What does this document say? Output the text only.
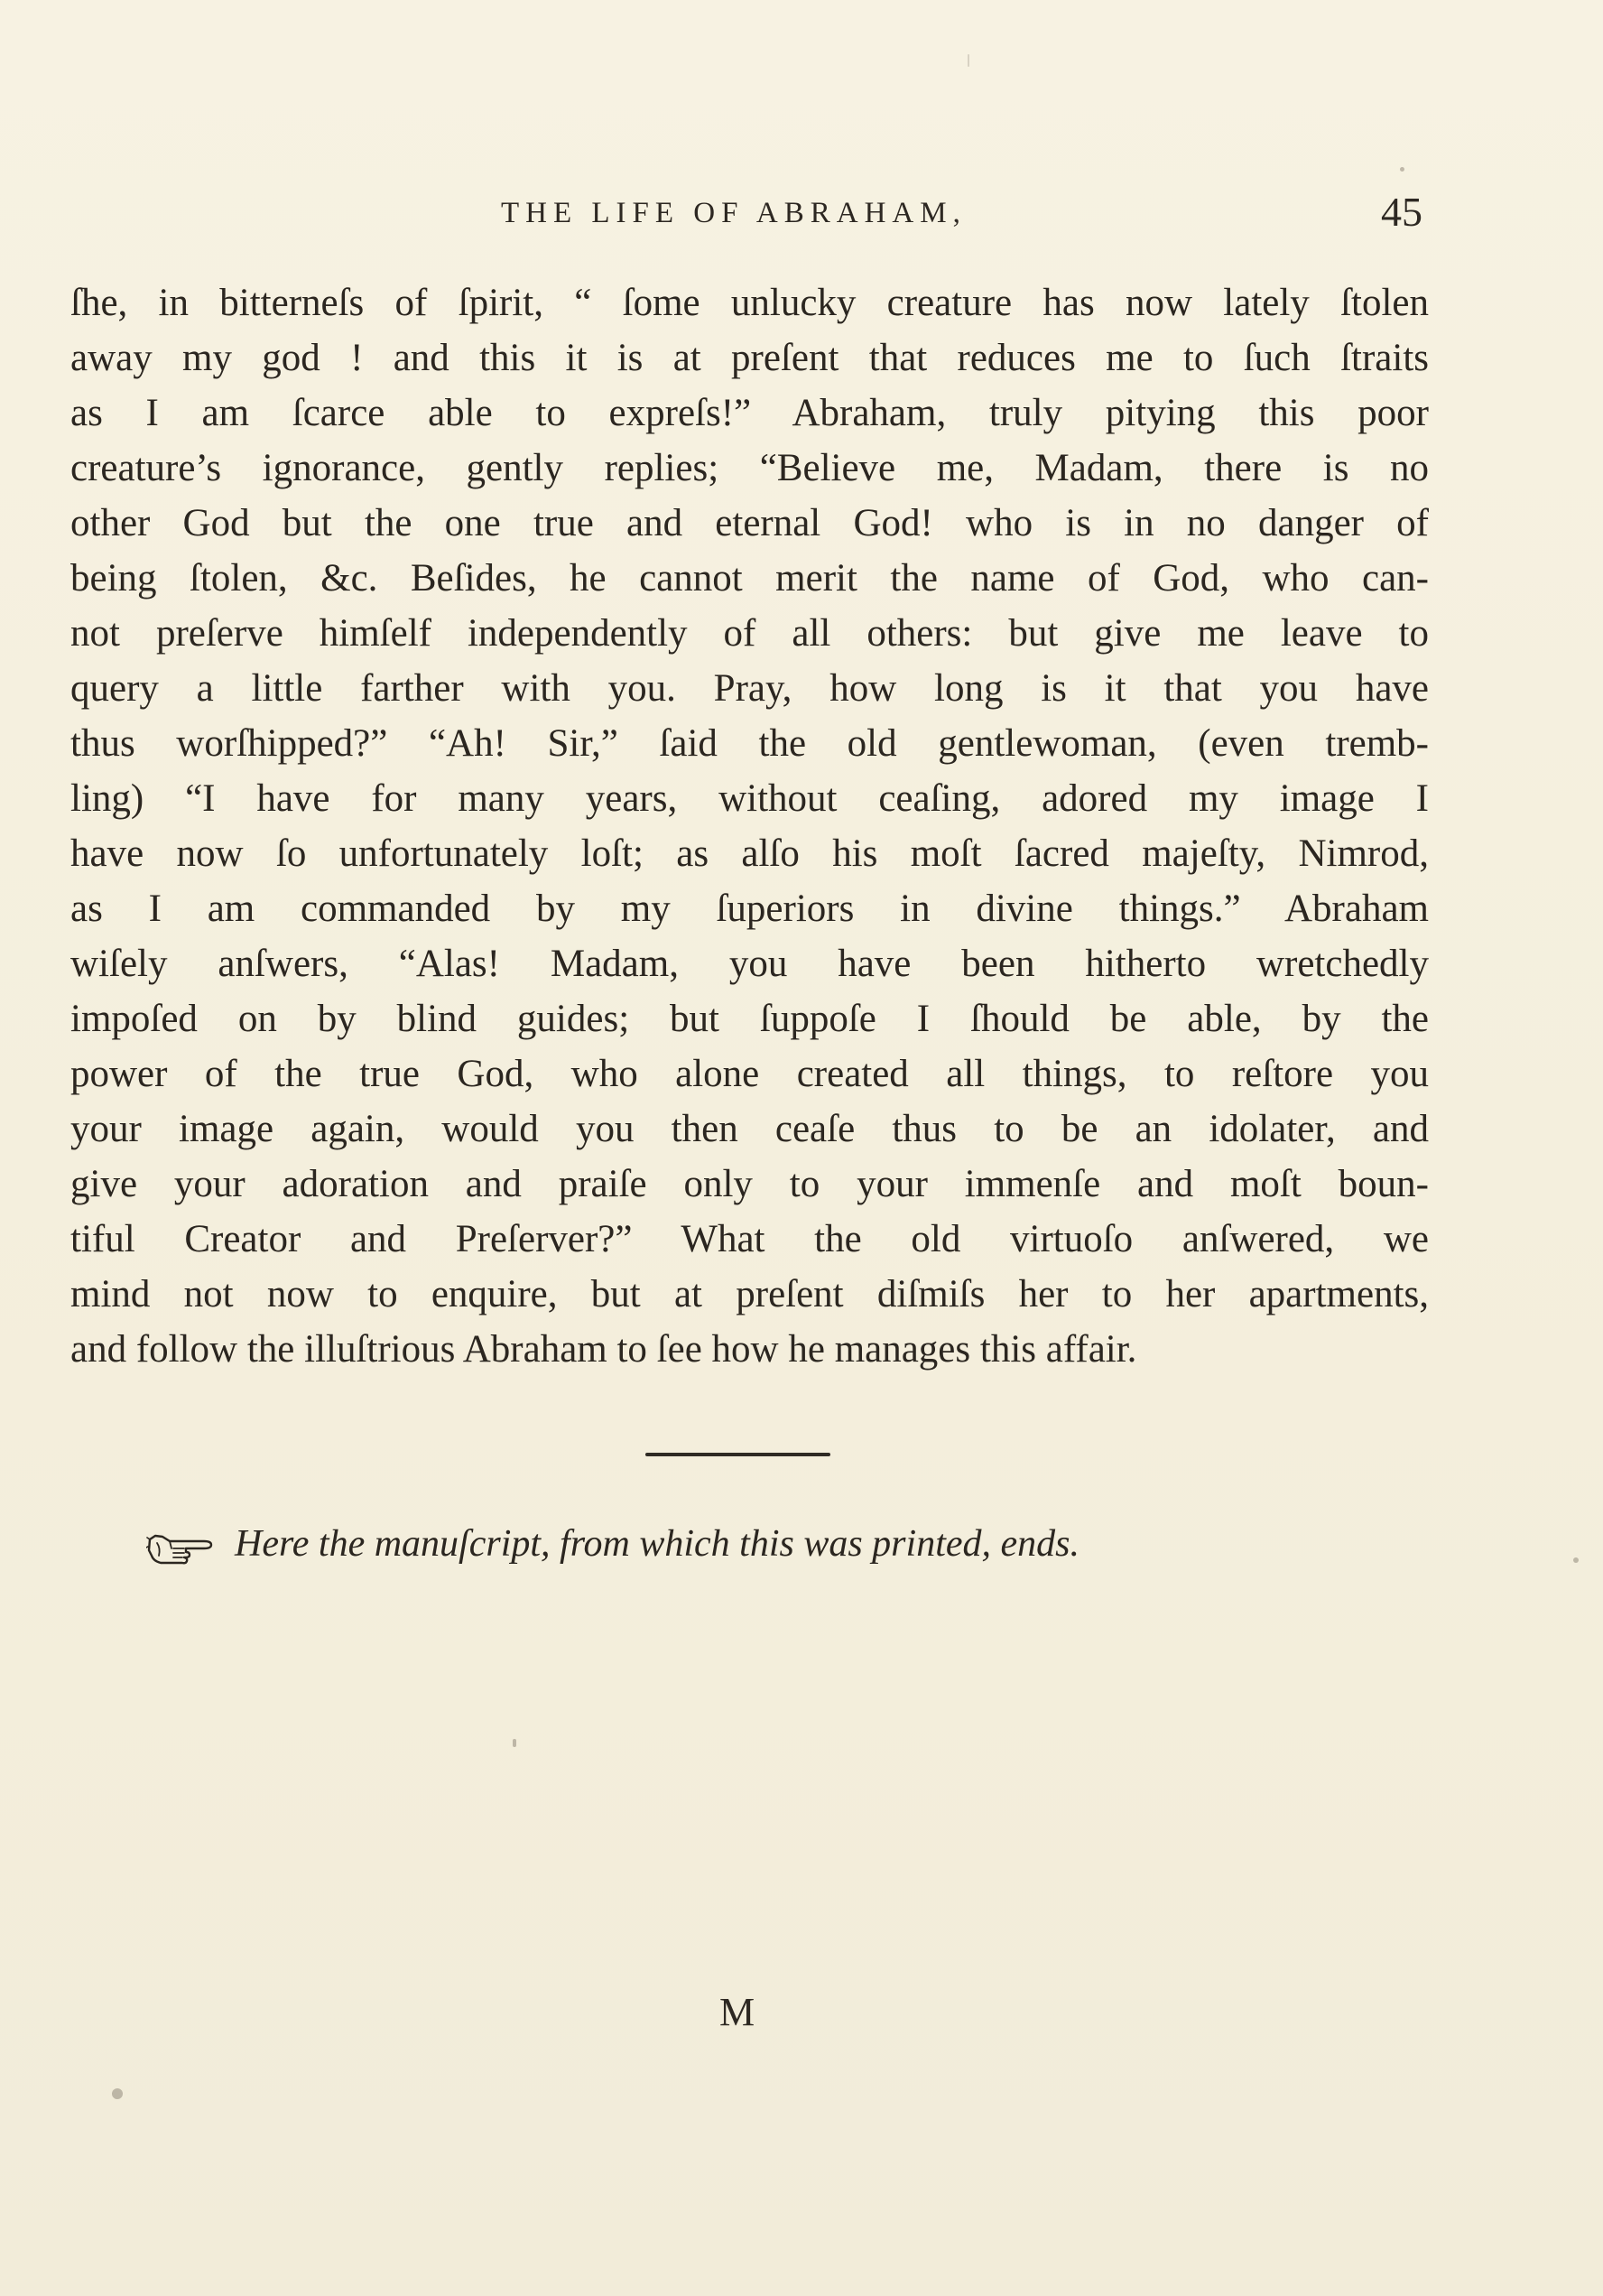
THE LIFE OF ABRAHAM,	45
ſhe, in bitterneſs of ſpirit, “ ſome unlucky creature has now lately ſtolen
away my god ! and this it is at preſent that reduces me to ſuch ſtraits
as I am ſcarce able to expreſs!” Abraham, truly pitying this poor
creature’s ignorance, gently replies; “Believe me, Madam, there is no
other God but the one true and eternal God! who is in no danger of
being ſtolen, &c. Beſides, he cannot merit the name of God, who can-
not preſerve himſelf independently of all others: but give me leave to
query a little farther with you. Pray, how long is it that you have
thus worſhipped?” “Ah! Sir,” ſaid the old gentlewoman, (even tremb-
ling) “I have for many years, without ceaſing, adored my image I
have now ſo unfortunately loſt; as alſo his moſt ſacred majeſty, Nimrod,
as I am commanded by my ſuperiors in divine things.” Abraham
wiſely anſwers, “Alas! Madam, you have been hitherto wretchedly
impoſed on by blind guides; but ſuppoſe I ſhould be able, by the
power of the true God, who alone created all things, to reſtore you
your image again, would you then ceaſe thus to be an idolater, and
give your adoration and praiſe only to your immenſe and moſt boun-
tiful Creator and Preſerver?” What the old virtuoſo anſwered, we
mind not now to enquire, but at preſent diſmiſs her to her apartments,
and follow the illuſtrious Abraham to ſee how he manages this affair.
Here the manuſcript, from which this was printed, ends.
M
